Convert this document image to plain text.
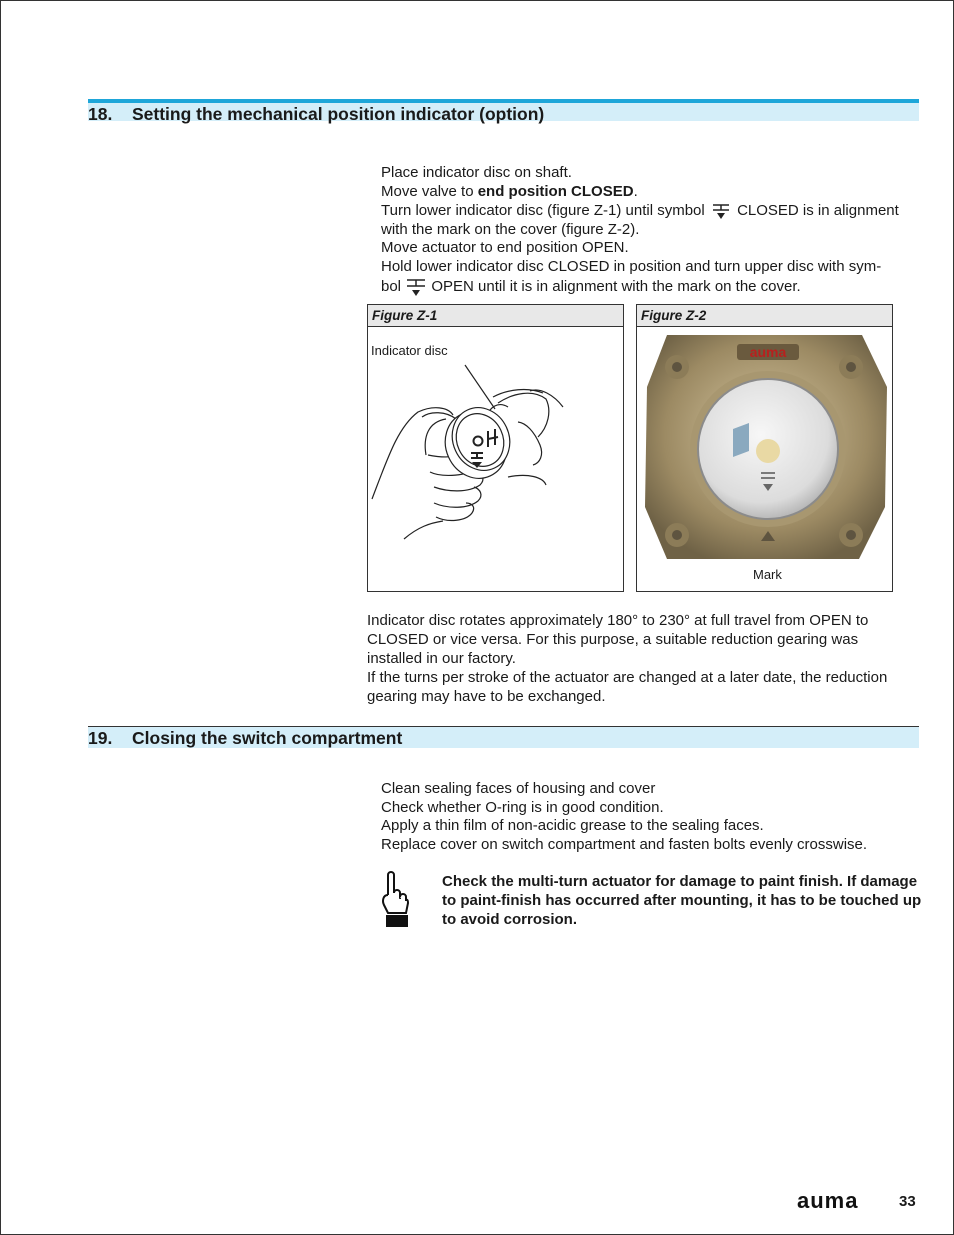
18. Setting the mechanical position indicator (option)
Place indicator disc on shaft.
Move valve to end position CLOSED.
Turn lower indicator disc (figure Z-1) until symbol CLOSED is in alignment
with the mark on the cover (figure Z-2).
Move actuator to end position OPEN.
Hold lower indicator disc CLOSED in position and turn upper disc with sym-
bol OPEN until it is in alignment with the mark on the cover.
Figure Z-1
Indicator disc
Figure Z-2
auma
Mark
Indicator disc rotates approximately 180° to 230° at full travel from OPEN to
CLOSED or vice versa. For this purpose, a suitable reduction gearing was
installed in our factory.
If the turns per stroke of the actuator are changed at a later date, the reduction
gearing may have to be exchanged.
19. Closing the switch compartment
Clean sealing faces of housing and cover
Check whether O-ring is in good condition.
Apply a thin film of non-acidic grease to the sealing faces.
Replace cover on switch compartment and fasten bolts evenly crosswise.
Check the multi-turn actuator for damage to paint finish. If damage to paint-finish has occurred after mounting, it has to be touched up to avoid corrosion.
auma	33
